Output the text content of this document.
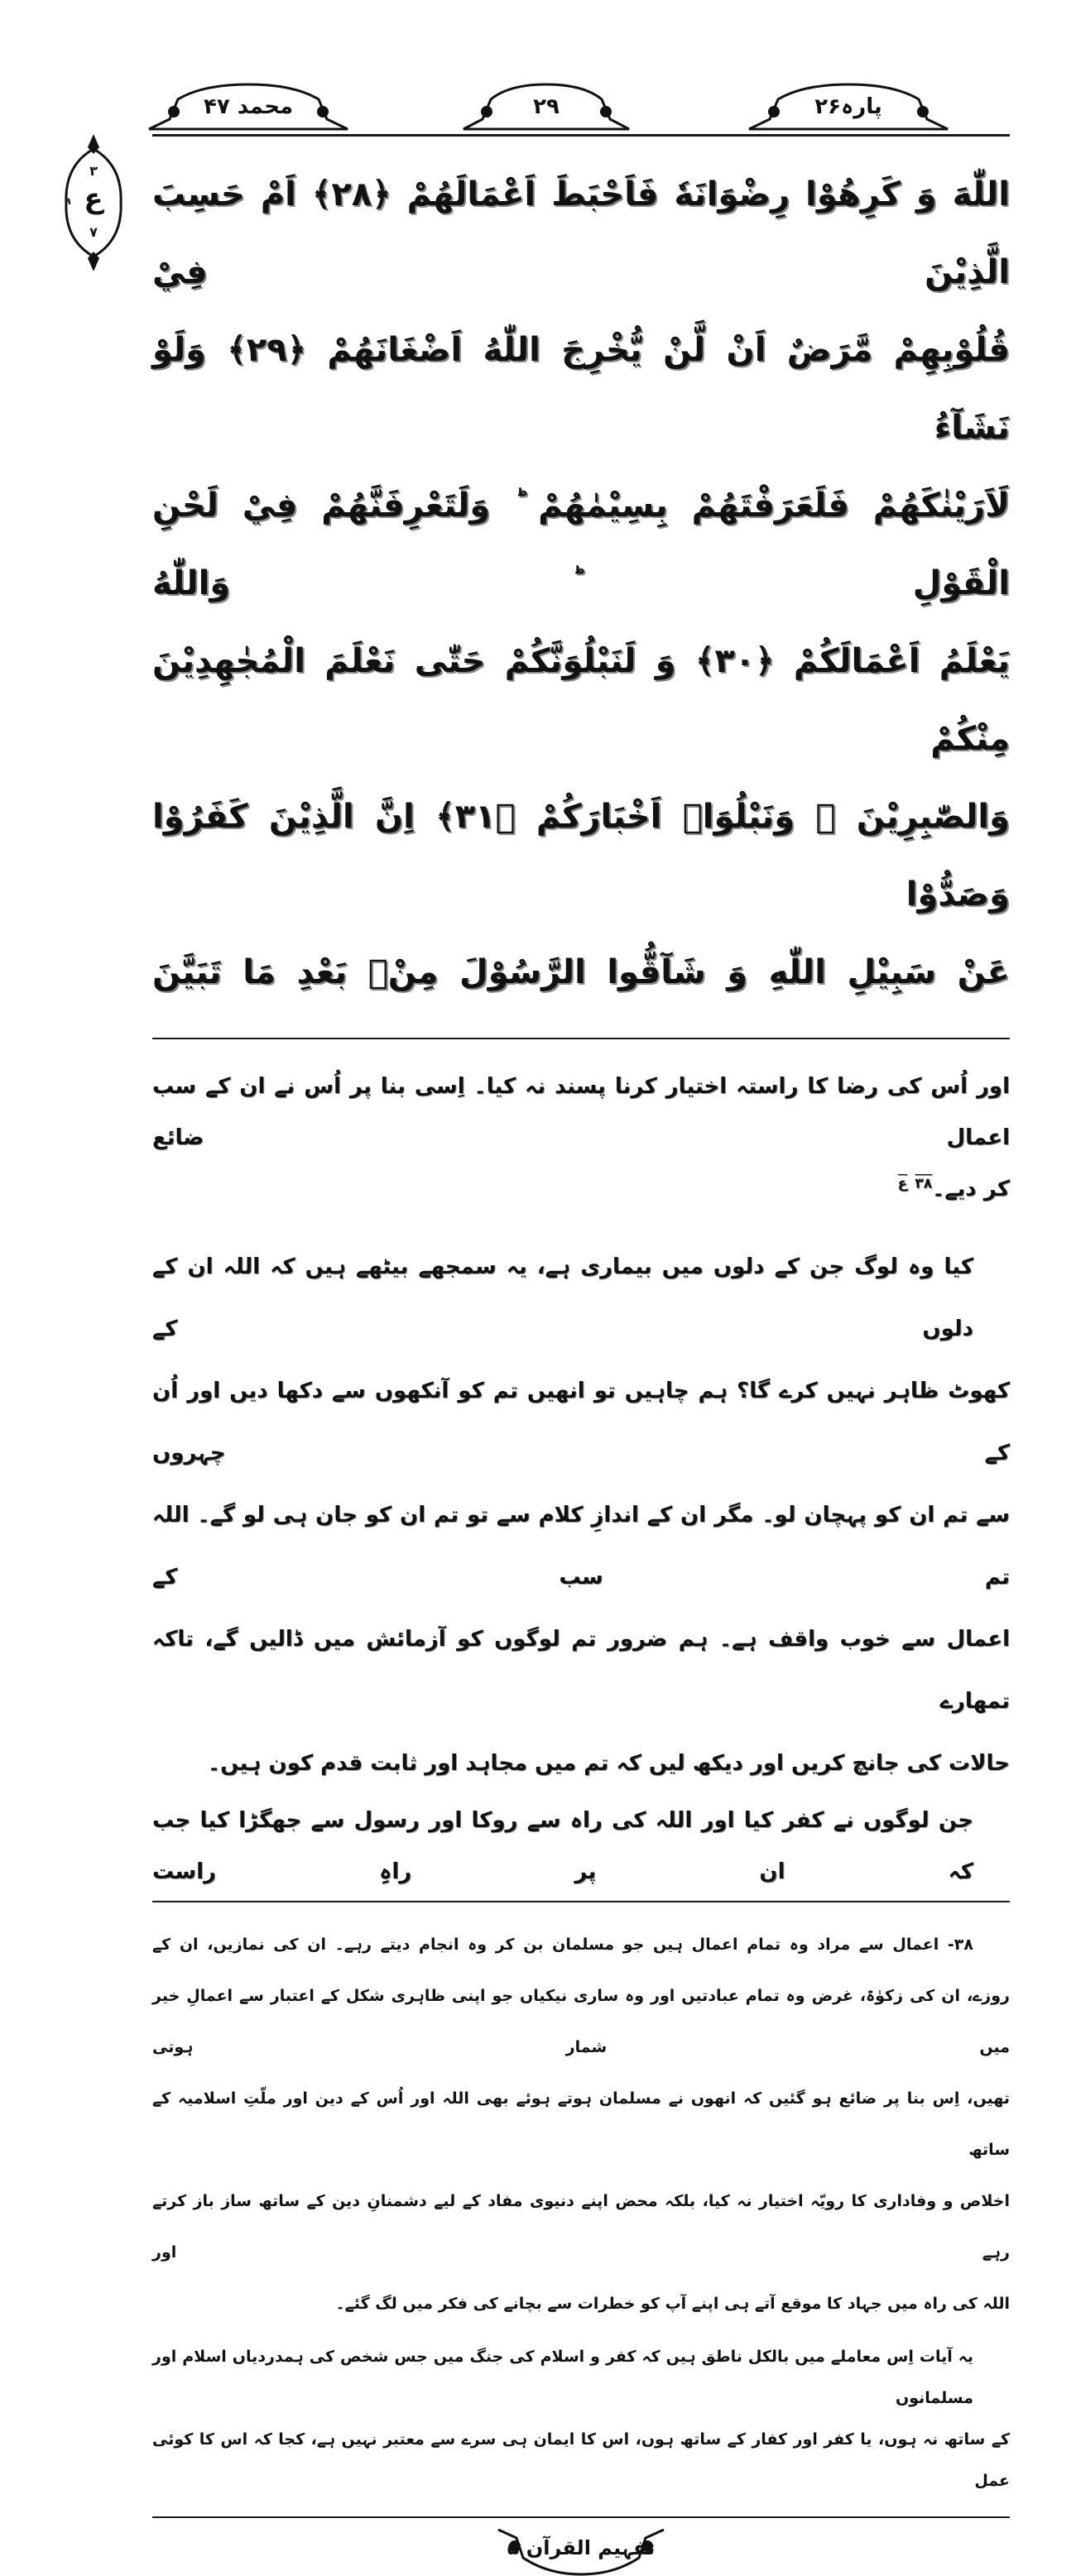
محمد ۴۷	۲۹	پارہ۲۶
۳
ع
۹
۷
اللّٰهَ وَ كَرِهُوْا رِضْوَانَهٗ فَاَحْبَطَ اَعْمَالَهُمْ ﴿۲۸﴾ اَمْ حَسِبَ الَّذِيْنَ فِيْ
قُلُوْبِهِمْ مَّرَضٌ اَنْ لَّنْ يُّخْرِجَ اللّٰهُ اَضْغَانَهُمْ ﴿۲۹﴾ وَلَوْ نَشَآءُ
لَاَرَيْنٰكَهُمْ فَلَعَرَفْتَهُمْ بِسِيْمٰهُمْ ؕ وَلَتَعْرِفَنَّهُمْ فِيْ لَحْنِ الْقَوْلِ ؕ وَاللّٰهُ
يَعْلَمُ اَعْمَالَكُمْ ﴿۳۰﴾ وَ لَنَبْلُوَنَّكُمْ حَتّٰى نَعْلَمَ الْمُجٰهِدِيْنَ مِنْكُمْ
وَالصّٰبِرِيْنَ ۙ وَنَبْلُوَاۡ اَخْبَارَكُمْ ﴿۳۱﴾ اِنَّ الَّذِيْنَ كَفَرُوْا وَصَدُّوْا
عَنْ سَبِيْلِ اللّٰهِ وَ شَآقُّوا الرَّسُوْلَ مِنْۢ بَعْدِ مَا تَبَيَّنَ
اور اُس کی رضا کا راستہ اختیار کرنا پسند نہ کیا۔ اِسی بنا پر اُس نے ان کے سب اعمال ضائع
کر دیے۔$^{۳۸}$ $^ع$
کیا وہ لوگ جن کے دلوں میں بیماری ہے، یہ سمجھے بیٹھے ہیں کہ اللہ ان کے دلوں کے
کھوٹ ظاہر نہیں کرے گا؟ ہم چاہیں تو انھیں تم کو آنکھوں سے دکھا دیں اور اُن کے چہروں
سے تم ان کو پہچان لو۔ مگر ان کے اندازِ کلام سے تو تم ان کو جان ہی لو گے۔ اللہ تم سب کے
اعمال سے خوب واقف ہے۔ ہم ضرور تم لوگوں کو آزمائش میں ڈالیں گے، تاکہ تمھارے
حالات کی جانچ کریں اور دیکھ لیں کہ تم میں مجاہد اور ثابت قدم کون ہیں۔
جن لوگوں نے کفر کیا اور اللہ کی راہ سے روکا اور رسول سے جھگڑا کیا جب کہ ان پر راہِ راست
۳۸- اعمال سے مراد وہ تمام اعمال ہیں جو مسلمان بن کر وہ انجام دیتے رہے۔ ان کی نمازیں، ان کے
روزے، ان کی زکوٰۃ، غرض وہ تمام عبادتیں اور وہ ساری نیکیاں جو اپنی ظاہری شکل کے اعتبار سے اعمالِ خیر میں شمار ہوتی
تھیں، اِس بنا پر ضائع ہو گئیں کہ انھوں نے مسلمان ہوتے ہوئے بھی اللہ اور اُس کے دین اور ملّتِ اسلامیہ کے ساتھ
اخلاص و وفاداری کا رویّہ اختیار نہ کیا، بلکہ محض اپنے دنیوی مفاد کے لیے دشمنانِ دین کے ساتھ ساز باز کرتے رہے اور
اللہ کی راہ میں جہاد کا موقع آتے ہی اپنے آپ کو خطرات سے بچانے کی فکر میں لگ گئے۔
یہ آیات اِس معاملے میں بالکل ناطق ہیں کہ کفر و اسلام کی جنگ میں جس شخص کی ہمدردیاں اسلام اور مسلمانوں
کے ساتھ نہ ہوں، یا کفر اور کفار کے ساتھ ہوں، اس کا ایمان ہی سرے سے معتبر نہیں ہے، کجا کہ اس کا کوئی عمل
تفہیم القرآن ۵
